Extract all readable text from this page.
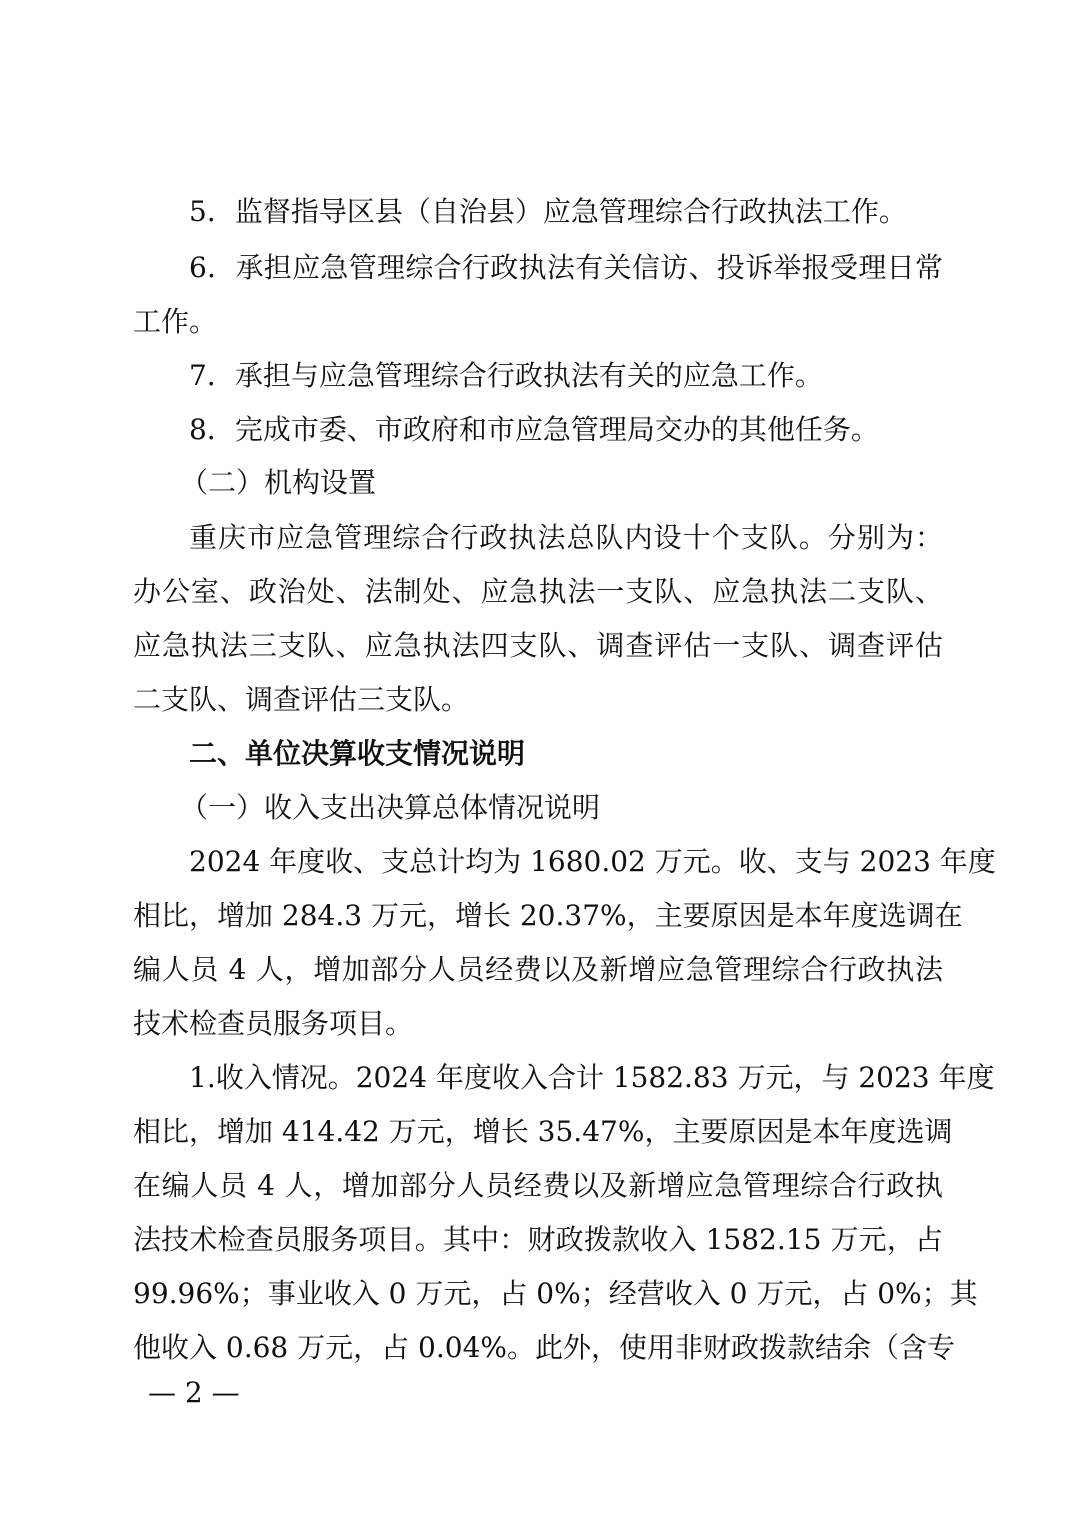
5．监督指导区县（自治县）应急管理综合行政执法工作。
6．承担应急管理综合行政执法有关信访、投诉举报受理日常
工作。
7．承担与应急管理综合行政执法有关的应急工作。
8．完成市委、市政府和市应急管理局交办的其他任务。
（二）机构设置
重庆市应急管理综合行政执法总队内设十个支队。分别为：
办公室、政治处、法制处、应急执法一支队、应急执法二支队、
应急执法三支队、应急执法四支队、调查评估一支队、调查评估
二支队、调查评估三支队。
二、单位决算收支情况说明
（一）收入支出决算总体情况说明
2024 年度收、支总计均为 1680.02 万元。收、支与 2023 年度
相比，增加 284.3 万元，增长 20.37%，主要原因是本年度选调在
编人员 4 人，增加部分人员经费以及新增应急管理综合行政执法
技术检查员服务项目。
1.收入情况。2024 年度收入合计 1582.83 万元，与 2023 年度
相比，增加 414.42 万元，增长 35.47%，主要原因是本年度选调
在编人员 4 人，增加部分人员经费以及新增应急管理综合行政执
法技术检查员服务项目。其中：财政拨款收入 1582.15 万元，占
99.96%；事业收入 0 万元，占 0%；经营收入 0 万元，占 0%；其
他收入 0.68 万元，占 0.04%。此外，使用非财政拨款结余（含专
— 2 —
